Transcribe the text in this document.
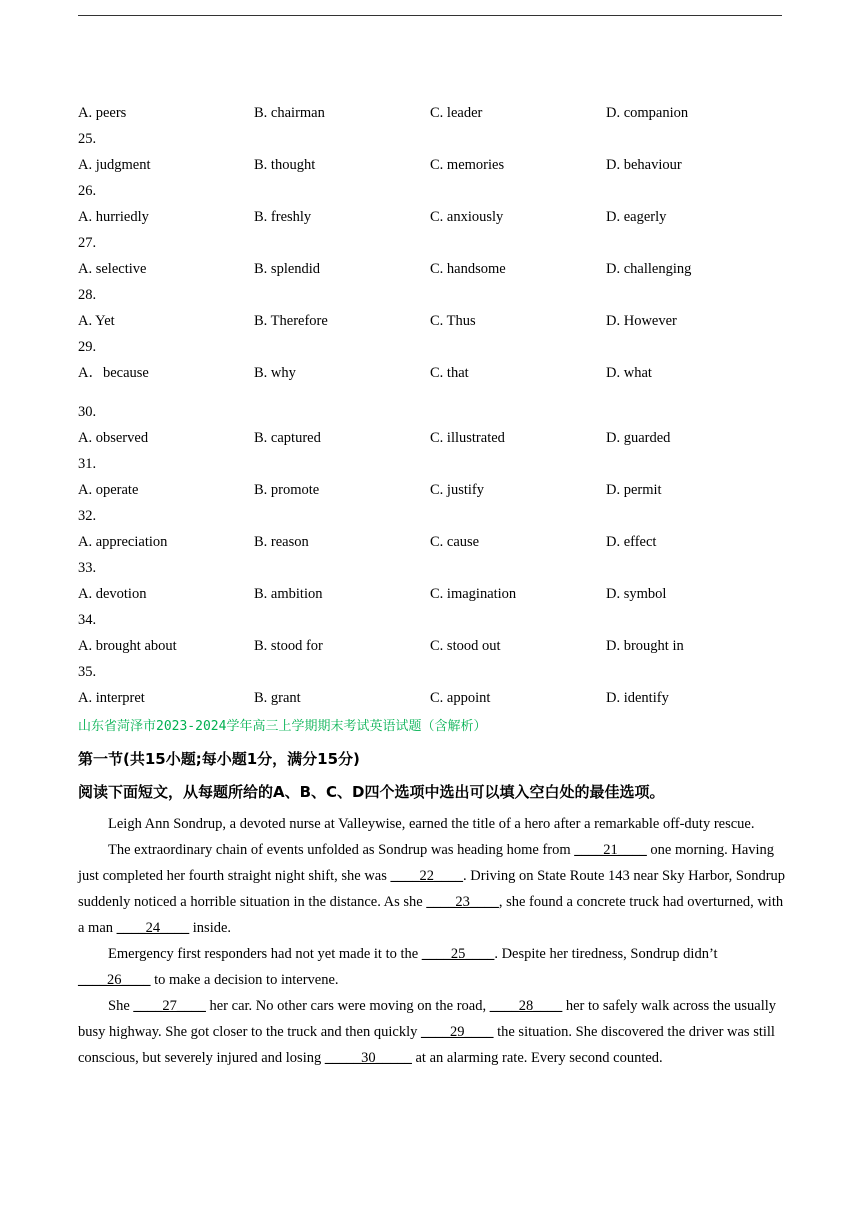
A. peers	B. chairman	C. leader	D. companion
25.
A. judgment	B. thought	C. memories	D. behaviour
26.
A. hurriedly	B. freshly	C. anxiously	D. eagerly
27.
A. selective	B. splendid	C. handsome	D. challenging
28.
A. Yet	B. Therefore	C. Thus	D. However
29.
A．because	B. why	C. that	D. what
30.
A. observed	B. captured	C. illustrated	D. guarded
31.
A. operate	B. promote	C. justify	D. permit
32.
A. appreciation	B. reason	C. cause	D. effect
33.
A. devotion	B. ambition	C. imagination	D. symbol
34.
A. brought about	B. stood for	C. stood out	D. brought in
35.
A. interpret	B. grant	C. appoint	D. identify
山东省菏泽市2023-2024学年高三上学期期末考试英语试题（含解析）
第一节(共15小题;每小题1分，满分15分)
阅读下面短文，从每题所给的A、B、C、D四个选项中选出可以填入空白处的最佳选项。

Leigh Ann Sondrup, a devoted nurse at Valleywise, earned the title of a hero after a remarkable off-duty rescue.

The extraordinary chain of events unfolded as Sondrup was heading home from ____21____ one morning. Having just completed her fourth straight night shift, she was ____22____. Driving on State Route 143 near Sky Harbor, Sondrup suddenly noticed a horrible situation in the distance. As she ____23____, she found a concrete truck had overturned, with a man ____24____ inside.

Emergency first responders had not yet made it to the ____25____. Despite her tiredness, Sondrup didn’t ____26____ to make a decision to intervene.

She ____27____ her car. No other cars were moving on the road, ____28____ her to safely walk across the usually busy highway. She got closer to the truck and then quickly ____29____ the situation. She discovered the driver was still conscious, but severely injured and losing _____30_____ at an alarming rate. Every second counted.
